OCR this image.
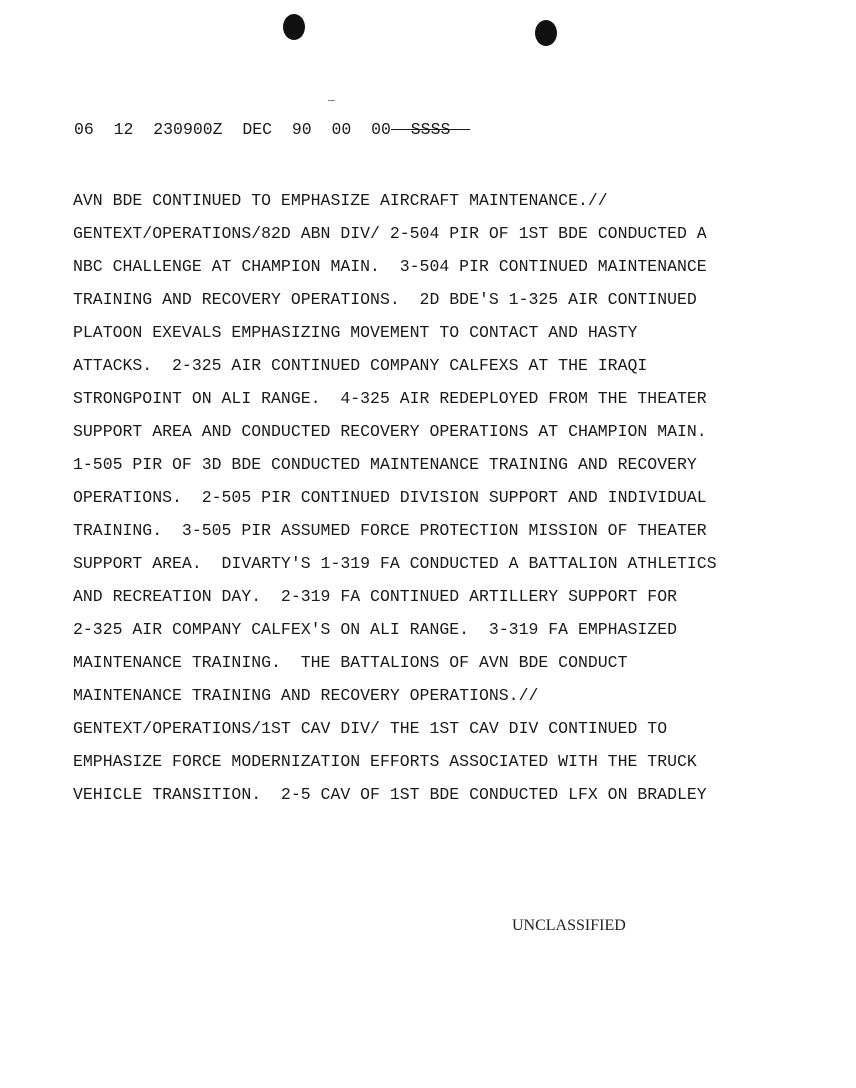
06 12 230900Z DEC 90 00 00 SSSS
AVN BDE CONTINUED TO EMPHASIZE AIRCRAFT MAINTENANCE.//
GENTEXT/OPERATIONS/82D ABN DIV/ 2-504 PIR OF 1ST BDE CONDUCTED A
NBC CHALLENGE AT CHAMPION MAIN.  3-504 PIR CONTINUED MAINTENANCE
TRAINING AND RECOVERY OPERATIONS.  2D BDE'S 1-325 AIR CONTINUED
PLATOON EXEVALS EMPHASIZING MOVEMENT TO CONTACT AND HASTY
ATTACKS.  2-325 AIR CONTINUED COMPANY CALFEXS AT THE IRAQI
STRONGPOINT ON ALI RANGE.  4-325 AIR REDEPLOYED FROM THE THEATER
SUPPORT AREA AND CONDUCTED RECOVERY OPERATIONS AT CHAMPION MAIN.
1-505 PIR OF 3D BDE CONDUCTED MAINTENANCE TRAINING AND RECOVERY
OPERATIONS.  2-505 PIR CONTINUED DIVISION SUPPORT AND INDIVIDUAL
TRAINING.  3-505 PIR ASSUMED FORCE PROTECTION MISSION OF THEATER
SUPPORT AREA.  DIVARTY'S 1-319 FA CONDUCTED A BATTALION ATHLETICS
AND RECREATION DAY.  2-319 FA CONTINUED ARTILLERY SUPPORT FOR
2-325 AIR COMPANY CALFEX'S ON ALI RANGE.  3-319 FA EMPHASIZED
MAINTENANCE TRAINING.  THE BATTALIONS OF AVN BDE CONDUCT
MAINTENANCE TRAINING AND RECOVERY OPERATIONS.//
GENTEXT/OPERATIONS/1ST CAV DIV/ THE 1ST CAV DIV CONTINUED TO
EMPHASIZE FORCE MODERNIZATION EFFORTS ASSOCIATED WITH THE TRUCK
VEHICLE TRANSITION.  2-5 CAV OF 1ST BDE CONDUCTED LFX ON BRADLEY
UNCLASSIFIED
